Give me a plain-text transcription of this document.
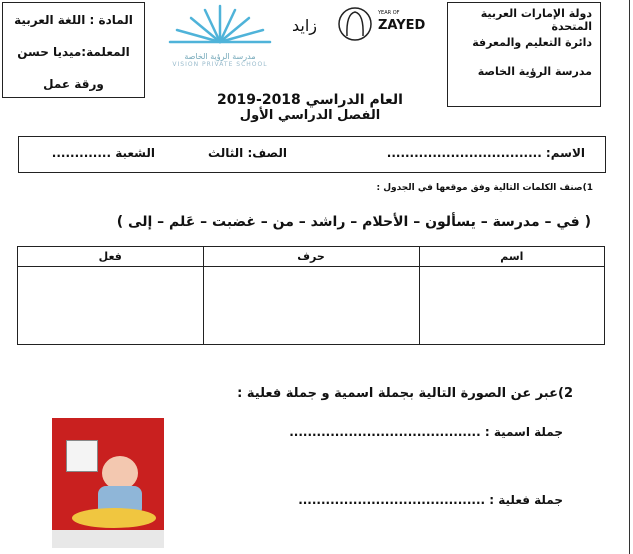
المادة : اللغة العربية
المعلمة:ميديا حسن
ورقة عمل
مدرسة الرؤية الخاصة
VISION PRIVATE SCHOOL
زايد
YEAR OF
ZAYED
دولة الإمارات العربية المتحدة
دائرة التعليم والمعرفة
مدرسة الرؤية الخاصة
العام الدراسي 2018-2019
الفصل الدراسي الأول
الاسم: ..................................
الصف: الثالث
الشعبة .............
1)صنف الكلمات التالية وفق موقعها في الجدول :
( في – مدرسة – يسألون – الأحلام – راشد – من – غضبت – عَلم – إلى )
فعل	حرف	اسم

2)عبر عن الصورة التالية بجملة اسمية و جملة فعلية :
جملة اسمية : ..........................................
جملة فعلية : .........................................
